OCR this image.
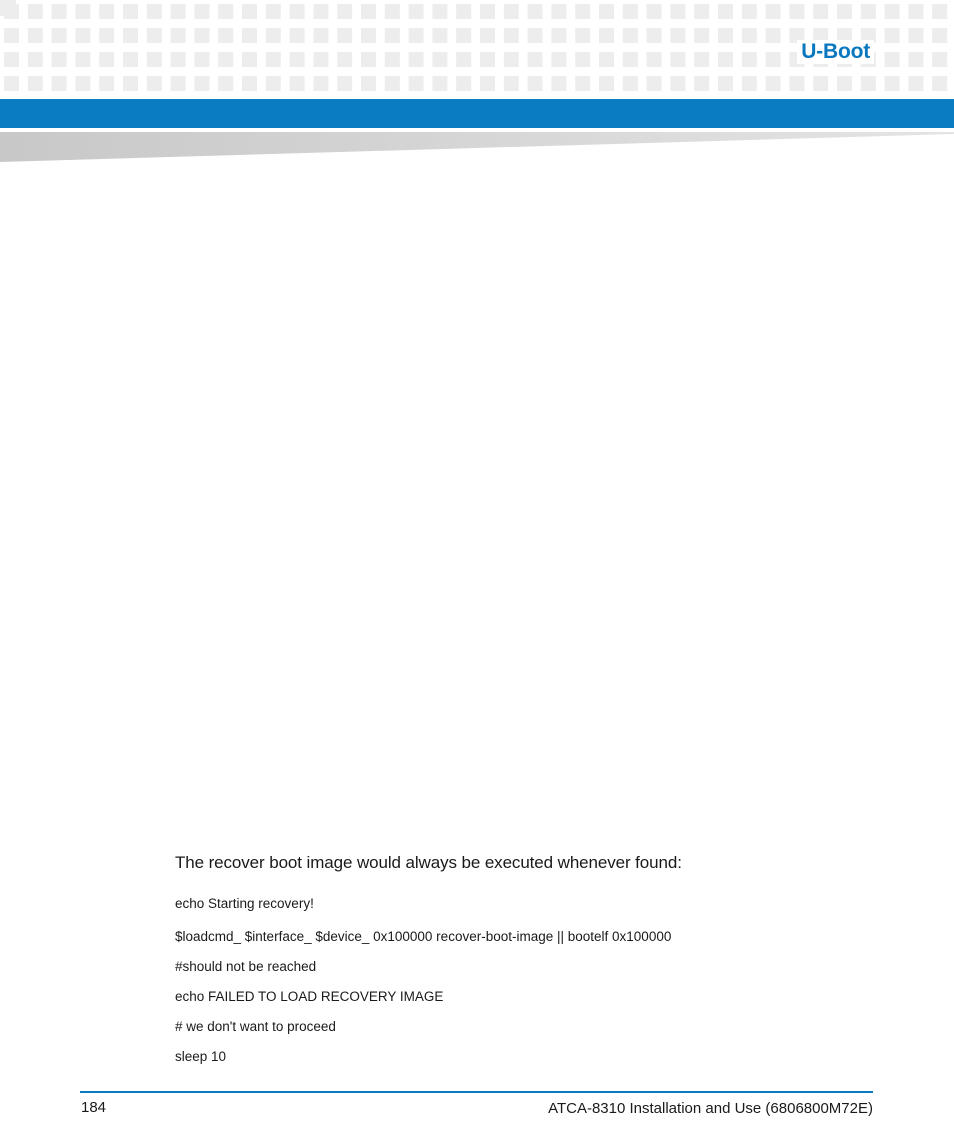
U-Boot
The recover boot image would always be executed whenever found:
echo Starting recovery!
$loadcmd_ $interface_ $device_ 0x100000 recover-boot-image || bootelf 0x100000
#should not be reached
echo FAILED TO LOAD RECOVERY IMAGE
# we don't want to proceed
sleep 10
184	ATCA-8310 Installation and Use (6806800M72E)
